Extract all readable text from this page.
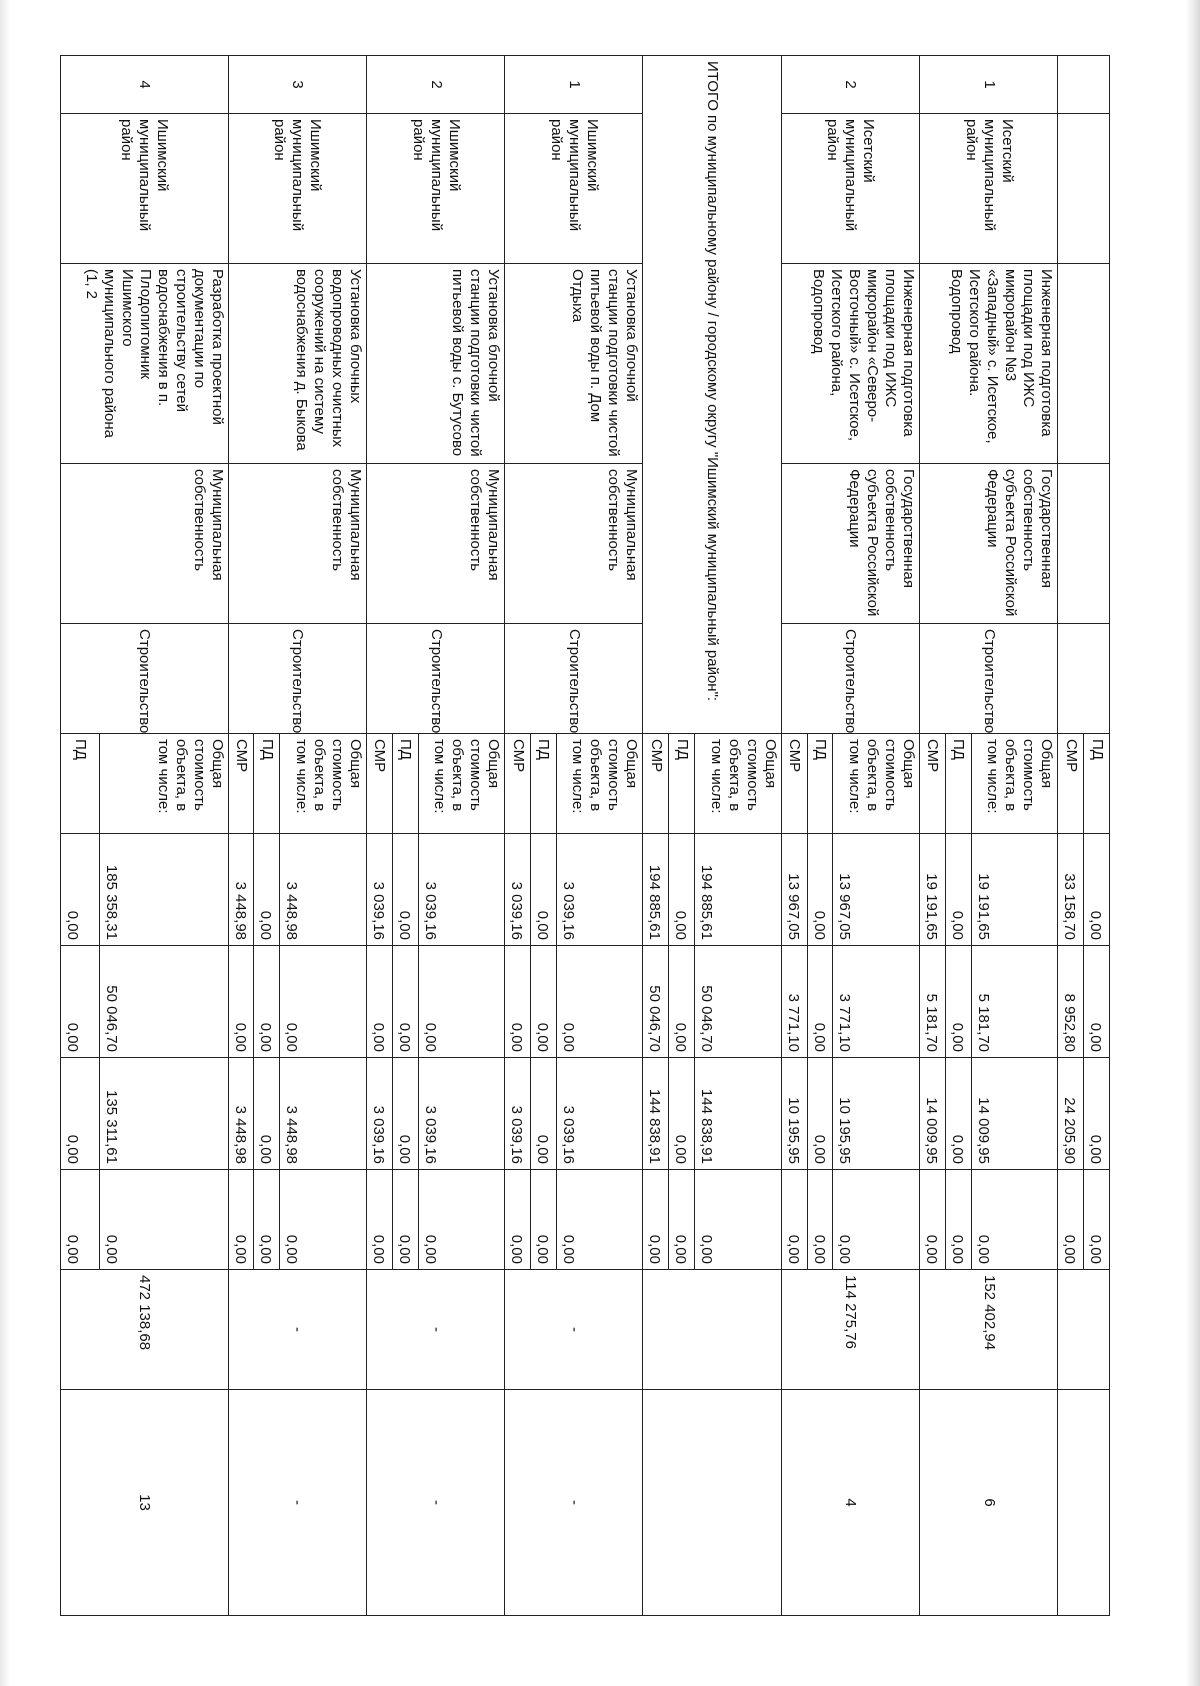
					ПД	0,00	0,00	0,00	0,00		
					СМР	33 158,70	8 952,80	24 205,90	0,00		
1	Исетский муниципальный район	Инженерная подготовка площадки под ИЖС микрорайон №3 «Западный» с. Исетское, Исетского района. Водопровод	Государственная собственность субъекта Российской Федерации	Строительство	Общая стоимость объекта, в том числе:	19 191,65	5 181,70	14 009,95	0,00	152 402,94	6
					ПД	0,00	0,00	0,00	0,00		
					СМР	19 191,65	5 181,70	14 009,95	0,00		
2	Исетский муниципальный район	Инженерная подготовка площадки под ИЖС микрорайон «Северо-Восточный» с. Исетское, Исетского района, Водопровод	Государственная собственность субъекта Российской Федерации	Строительство	Общая стоимость объекта, в том числе:	13 967,05	3 771,10	10 195,95	0,00	114 275,76	4
					ПД	0,00	0,00	0,00	0,00		
					СМР	13 967,05	3 771,10	10 195,95	0,00		
ИТОГО по муниципальному району / городскому округу "Ишимский муниципальный район":					Общая стоимость объекта, в том числе:	194 885,61	50 046,70	144 838,91	0,00		
					ПД	0,00	0,00	0,00	0,00		
					СМР	194 885,61	50 046,70	144 838,91	0,00		
1	Ишимский муниципальный район	Установка блочной станции подготовки чистой питьевой воды п. Дом Отдыха	Муниципальная собственность	Строительство	Общая стоимость объекта, в том числе:	3 039,16	0,00	3 039,16	0,00	-	-
					ПД	0,00	0,00	0,00	0,00		
					СМР	3 039,16	0,00	3 039,16	0,00		
2	Ишимский муниципальный район	Установка блочной станции подготовки чистой питьевой воды с. Бутусово	Муниципальная собственность	Строительство	Общая стоимость объекта, в том числе:	3 039,16	0,00	3 039,16	0,00	-	-
					ПД	0,00	0,00	0,00	0,00		
					СМР	3 039,16	0,00	3 039,16	0,00		
3	Ишимский муниципальный район	Установка блочных водопроводных очистных сооружений на систему водоснабжения д. Быкова	Муниципальная собственность	Строительство	Общая стоимость объекта, в том числе:	3 448,98	0,00	3 448,98	0,00	-	-
					ПД	0,00	0,00	0,00	0,00		
					СМР	3 448,98	0,00	3 448,98	0,00		
4	Ишимский муниципальный район	Разработка проектной документации по строительству сетей водоснабжения в п. Плодопитомник Ишимского муниципального района (1, 2	Муниципальная собственность	Строительство	Общая стоимость объекта, в том числе:	185 358,31	50 046,70	135 311,61	0,00	472 138,68	13
					ПД	0,00	0,00	0,00	0,00		
